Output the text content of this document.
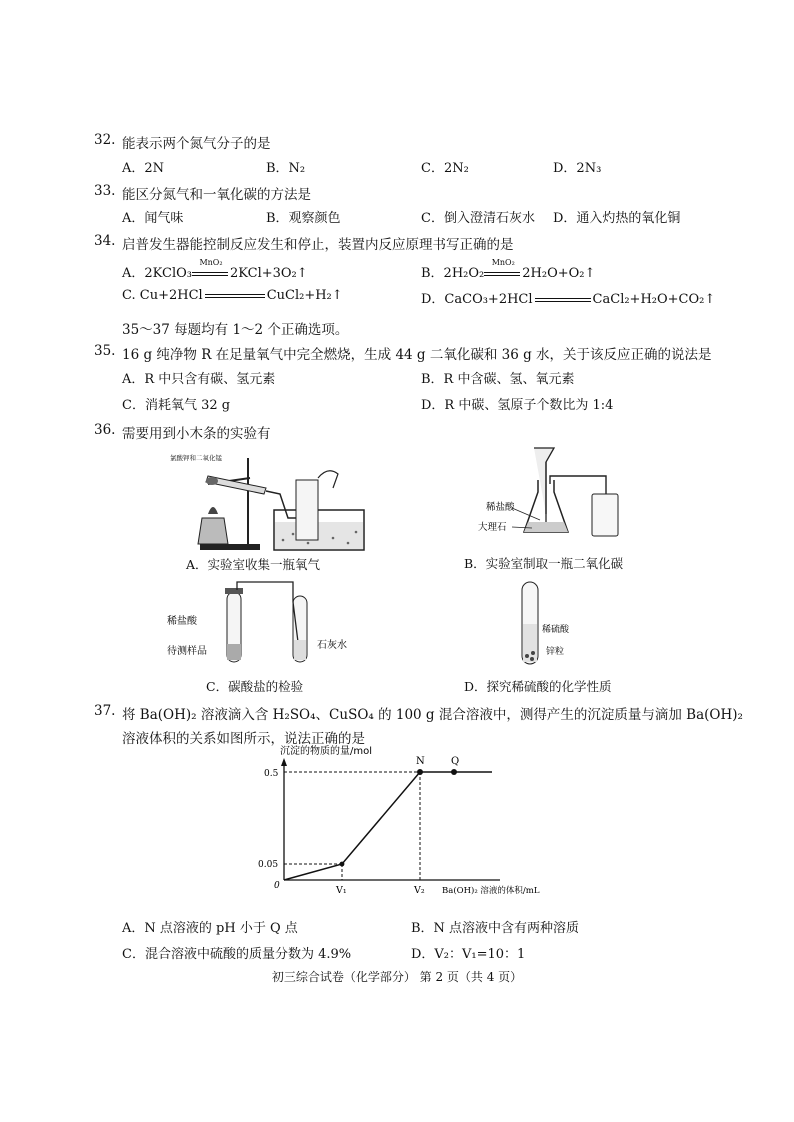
32. 能表示两个氮气分子的是
A．2N	B．N₂	C．2N₂	D．2N₃
33. 能区分氮气和一氧化碳的方法是
A．闻气味	B．观察颜色	C．倒入澄清石灰水 D．通入灼热的氧化铜
34. 启普发生器能控制反应发生和停止，装置内反应原理书写正确的是
A．2KClO₃
MnO₂
2KCl+3O₂↑	B．2H₂O₂
MnO₂
2H₂O+O₂↑
C. Cu+2HCl	CuCl₂+H₂↑	D．CaCO₃+2HCl	CaCl₂+H₂O+CO₂↑
35～37 每题均有 1～2 个正确选项。
35. 16 g 纯净物 R 在足量氧气中完全燃烧，生成 44 g 二氧化碳和 36 g 水，关于该反应正确的说法是
A．R 中只含有碳、氢元素	B．R 中含碳、氢、氧元素
C．消耗氧气 32 g	D．R 中碳、氢原子个数比为 1:4
36. 需要用到小木条的实验有
氯酸钾和二氧化锰
A．实验室收集一瓶氧气
稀盐酸
大理石
B．实验室制取一瓶二氧化碳
稀盐酸
待测样品
石灰水
C．碳酸盐的检验
稀硫酸
锌粒
D．探究稀硫酸的化学性质
37. 将 Ba(OH)₂ 溶液滴入含 H₂SO₄、CuSO₄ 的 100 g 混合溶液中，测得产生的沉淀质量与滴加 Ba(OH)₂
溶液体积的关系如图所示，说法正确的是
沉淀的物质的量/mol
0
0.5
0.05
N	Q
V₁	V₂ Ba(OH)₂ 溶液的体积/mL
A．N 点溶液的 pH 小于 Q 点	B．N 点溶液中含有两种溶质
C．混合溶液中硫酸的质量分数为 4.9%	D．V₂：V₁=10：1
初三综合试卷（化学部分） 第 2 页（共 4 页）
